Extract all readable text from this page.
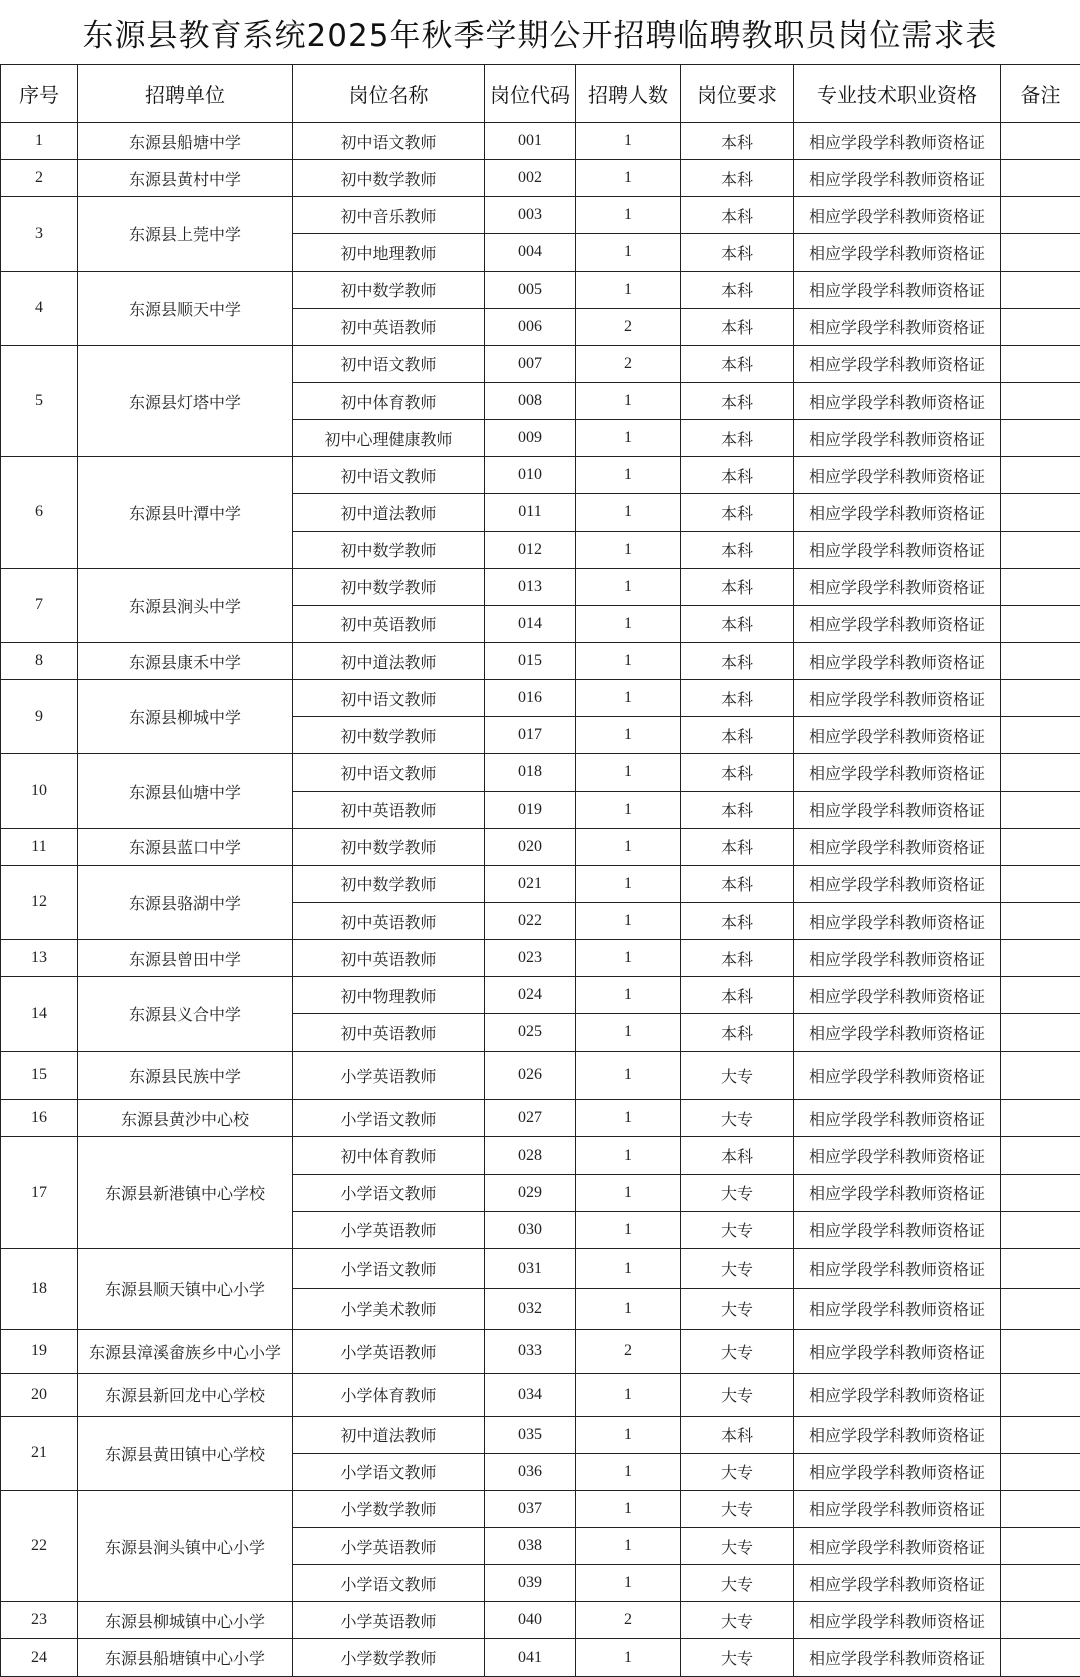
东源县教育系统2025年秋季学期公开招聘临聘教职员岗位需求表
序号	招聘单位	岗位名称	岗位代码	招聘人数	岗位要求	专业技术职业资格	备注
1	东源县船塘中学	初中语文教师	001	1	本科	相应学段学科教师资格证	
2	东源县黄村中学	初中数学教师	002	1	本科	相应学段学科教师资格证	
3	东源县上莞中学	初中音乐教师	003	1	本科	相应学段学科教师资格证	
		初中地理教师	004	1	本科	相应学段学科教师资格证	
4	东源县顺天中学	初中数学教师	005	1	本科	相应学段学科教师资格证	
		初中英语教师	006	2	本科	相应学段学科教师资格证	
5	东源县灯塔中学	初中语文教师	007	2	本科	相应学段学科教师资格证	
		初中体育教师	008	1	本科	相应学段学科教师资格证	
		初中心理健康教师	009	1	本科	相应学段学科教师资格证	
6	东源县叶潭中学	初中语文教师	010	1	本科	相应学段学科教师资格证	
		初中道法教师	011	1	本科	相应学段学科教师资格证	
		初中数学教师	012	1	本科	相应学段学科教师资格证	
7	东源县涧头中学	初中数学教师	013	1	本科	相应学段学科教师资格证	
		初中英语教师	014	1	本科	相应学段学科教师资格证	
8	东源县康禾中学	初中道法教师	015	1	本科	相应学段学科教师资格证	
9	东源县柳城中学	初中语文教师	016	1	本科	相应学段学科教师资格证	
		初中数学教师	017	1	本科	相应学段学科教师资格证	
10	东源县仙塘中学	初中语文教师	018	1	本科	相应学段学科教师资格证	
		初中英语教师	019	1	本科	相应学段学科教师资格证	
11	东源县蓝口中学	初中数学教师	020	1	本科	相应学段学科教师资格证	
12	东源县骆湖中学	初中数学教师	021	1	本科	相应学段学科教师资格证	
		初中英语教师	022	1	本科	相应学段学科教师资格证	
13	东源县曾田中学	初中英语教师	023	1	本科	相应学段学科教师资格证	
14	东源县义合中学	初中物理教师	024	1	本科	相应学段学科教师资格证	
		初中英语教师	025	1	本科	相应学段学科教师资格证	
15	东源县民族中学	小学英语教师	026	1	大专	相应学段学科教师资格证	
16	东源县黄沙中心校	小学语文教师	027	1	大专	相应学段学科教师资格证	
17	东源县新港镇中心学校	初中体育教师	028	1	本科	相应学段学科教师资格证	
		小学语文教师	029	1	大专	相应学段学科教师资格证	
		小学英语教师	030	1	大专	相应学段学科教师资格证	
18	东源县顺天镇中心小学	小学语文教师	031	1	大专	相应学段学科教师资格证	
		小学美术教师	032	1	大专	相应学段学科教师资格证	
19	东源县漳溪畲族乡中心小学	小学英语教师	033	2	大专	相应学段学科教师资格证	
20	东源县新回龙中心学校	小学体育教师	034	1	大专	相应学段学科教师资格证	
21	东源县黄田镇中心学校	初中道法教师	035	1	本科	相应学段学科教师资格证	
		小学语文教师	036	1	大专	相应学段学科教师资格证	
22	东源县涧头镇中心小学	小学数学教师	037	1	大专	相应学段学科教师资格证	
		小学英语教师	038	1	大专	相应学段学科教师资格证	
		小学语文教师	039	1	大专	相应学段学科教师资格证	
23	东源县柳城镇中心小学	小学英语教师	040	2	大专	相应学段学科教师资格证	
24	东源县船塘镇中心小学	小学数学教师	041	1	大专	相应学段学科教师资格证	
